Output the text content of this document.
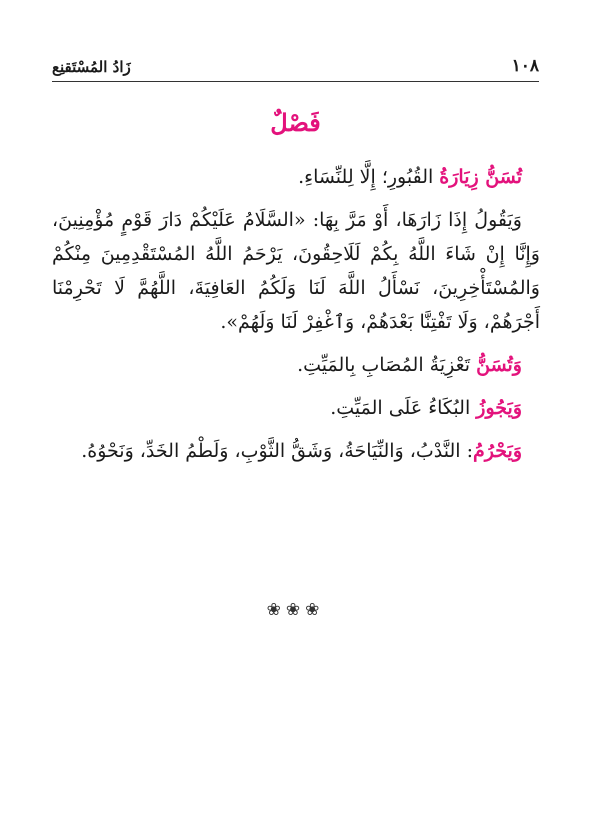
زَادُ المُسْتَقنِع	١٠٨
فَصْلٌ

تُسَنُّ زِيَارَةُ القُبُورِ؛ إِلَّا لِلنِّسَاءِ.

وَيَقُولُ إِذَا زَارَهَا، أَوْ مَرَّ بِهَا: «السَّلَامُ عَلَيْكُمْ دَارَ قَوْمٍ مُؤْمِنِينَ، وَإِنَّا إِنْ شَاءَ اللَّهُ بِكُمْ لَلَاحِقُونَ، يَرْحَمُ اللَّهُ المُسْتَقْدِمِينَ مِنْكُمْ وَالمُسْتَأْخِرِينَ، نَسْأَلُ اللَّهَ لَنَا وَلَكُمُ العَافِيَةَ، اللَّهُمَّ لَا تَحْرِمْنَا أَجْرَهُمْ، وَلَا تَفْتِنَّا بَعْدَهُمْ، وَٱغْفِرْ لَنَا وَلَهُمْ».

وَتُسَنُّ تَعْزِيَةُ المُصَابِ بِالمَيِّتِ.

وَيَجُوزُ البُكَاءُ عَلَى المَيِّتِ.

وَيَحْرُمُ: النَّدْبُ، وَالنِّيَاحَةُ، وَشَقُّ الثَّوْبِ، وَلَطْمُ الخَدِّ، وَنَحْوُهُ.

❀❀❀
